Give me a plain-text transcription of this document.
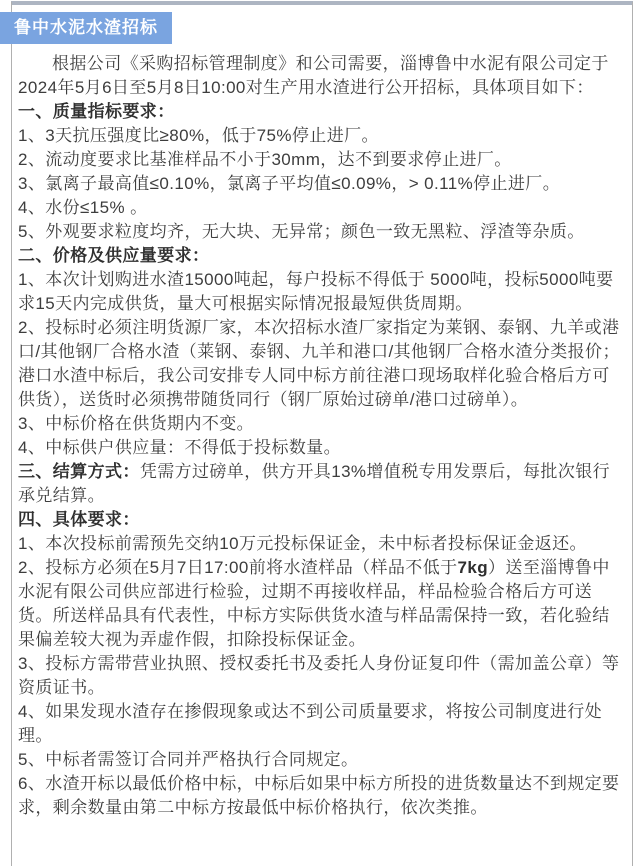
鲁中水泥水渣招标

根据公司《采购招标管理制度》和公司需要，淄博鲁中水泥有限公司定于2024年5月6日至5月8日10:00对生产用水渣进行公开招标，具体项目如下：

一、质量指标要求：

1、3天抗压强度比≥80%，低于75%停止进厂。

2、流动度要求比基准样品不小于30mm，达不到要求停止进厂。

3、氯离子最高值≤0.10%，氯离子平均值≤0.09%，> 0.11%停止进厂。

4、水份≤15% 。

5、外观要求粒度均齐，无大块、无异常；颜色一致无黑粒、浮渣等杂质。

二、价格及供应量要求：

1、本次计划购进水渣15000吨起，每户投标不得低于 5000吨，投标5000吨要求15天内完成供货，量大可根据实际情况报最短供货周期。

2、投标时必须注明货源厂家，本次招标水渣厂家指定为莱钢、泰钢、九羊或港口/其他钢厂合格水渣（莱钢、泰钢、九羊和港口/其他钢厂合格水渣分类报价；港口水渣中标后，我公司安排专人同中标方前往港口现场取样化验合格后方可供货），送货时必须携带随货同行（钢厂原始过磅单/港口过磅单）。

3、中标价格在供货期内不变。

4、中标供户供应量：不得低于投标数量。

三、结算方式：凭需方过磅单，供方开具13%增值税专用发票后，每批次银行承兑结算。

四、具体要求：

1、本次投标前需预先交纳10万元投标保证金，未中标者投标保证金返还。

2、投标方必须在5月7日17:00前将水渣样品（样品不低于7kg）送至淄博鲁中水泥有限公司供应部进行检验，过期不再接收样品，样品检验合格后方可送货。所送样品具有代表性，中标方实际供货水渣与样品需保持一致，若化验结果偏差较大视为弄虚作假，扣除投标保证金。

3、投标方需带营业执照、授权委托书及委托人身份证复印件（需加盖公章）等资质证书。

4、如果发现水渣存在掺假现象或达不到公司质量要求，将按公司制度进行处理。

5、中标者需签订合同并严格执行合同规定。

6、水渣开标以最低价格中标，中标后如果中标方所投的进货数量达不到规定要求，剩余数量由第二中标方按最低中标价格执行，依次类推。
